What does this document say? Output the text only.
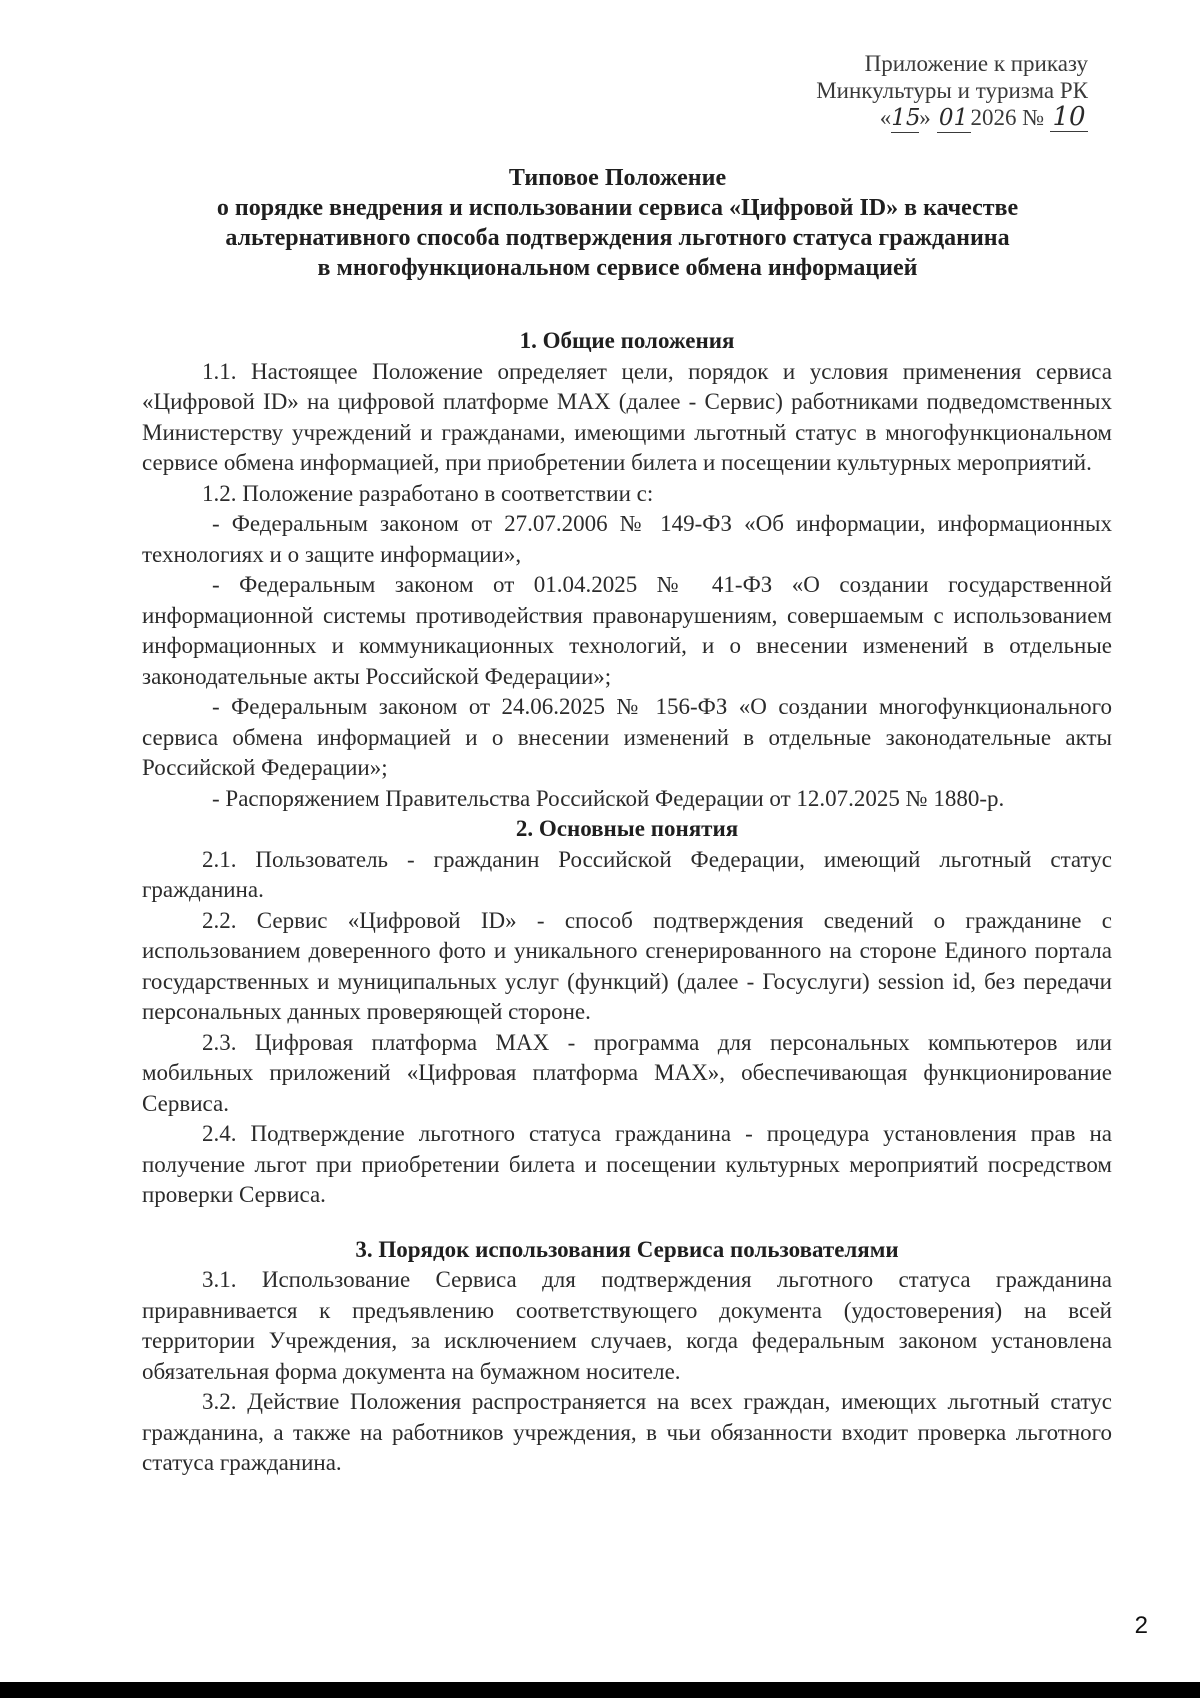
Приложение к приказу
Минкультуры и туризма РК
«15» 01 2026 № 10
Типовое Положение
о порядке внедрения и использовании сервиса «Цифровой ID» в качестве
альтернативного способа подтверждения льготного статуса гражданина
в многофункциональном сервисе обмена информацией
1. Общие положения

1.1. Настоящее Положение определяет цели, порядок и условия применения сервиса «Цифровой ID» на цифровой платформе MAX (далее - Сервис) работниками подведомственных Министерству учреждений и гражданами, имеющими льготный статус в многофункциональном сервисе обмена информацией, при приобретении билета и посещении культурных мероприятий.

1.2. Положение разработано в соответствии с:

- Федеральным законом от 27.07.2006 № 149-ФЗ «Об информации, информационных технологиях и о защите информации»,

- Федеральным законом от 01.04.2025 № 41-ФЗ «О создании государственной информационной системы противодействия правонарушениям, совершаемым с использованием информационных и коммуникационных технологий, и о внесении изменений в отдельные законодательные акты Российской Федерации»;

- Федеральным законом от 24.06.2025 № 156-ФЗ «О создании многофункционального сервиса обмена информацией и о внесении изменений в отдельные законодательные акты Российской Федерации»;

- Распоряжением Правительства Российской Федерации от 12.07.2025 № 1880-р.

2. Основные понятия

2.1. Пользователь - гражданин Российской Федерации, имеющий льготный статус гражданина.

2.2. Сервис «Цифровой ID» - способ подтверждения сведений о гражданине с использованием доверенного фото и уникального сгенерированного на стороне Единого портала государственных и муниципальных услуг (функций) (далее - Госуслуги) session id, без передачи персональных данных проверяющей стороне.

2.3. Цифровая платформа MAX - программа для персональных компьютеров или мобильных приложений «Цифровая платформа MAX», обеспечивающая функционирование Сервиса.

2.4. Подтверждение льготного статуса гражданина - процедура установления прав на получение льгот при приобретении билета и посещении культурных мероприятий посредством проверки Сервиса.

3. Порядок использования Сервиса пользователями

3.1. Использование Сервиса для подтверждения льготного статуса гражданина приравнивается к предъявлению соответствующего документа (удостоверения) на всей территории Учреждения, за исключением случаев, когда федеральным законом установлена обязательная форма документа на бумажном носителе.

3.2. Действие Положения распространяется на всех граждан, имеющих льготный статус гражданина, а также на работников учреждения, в чьи обязанности входит проверка льготного статуса гражданина.

2
